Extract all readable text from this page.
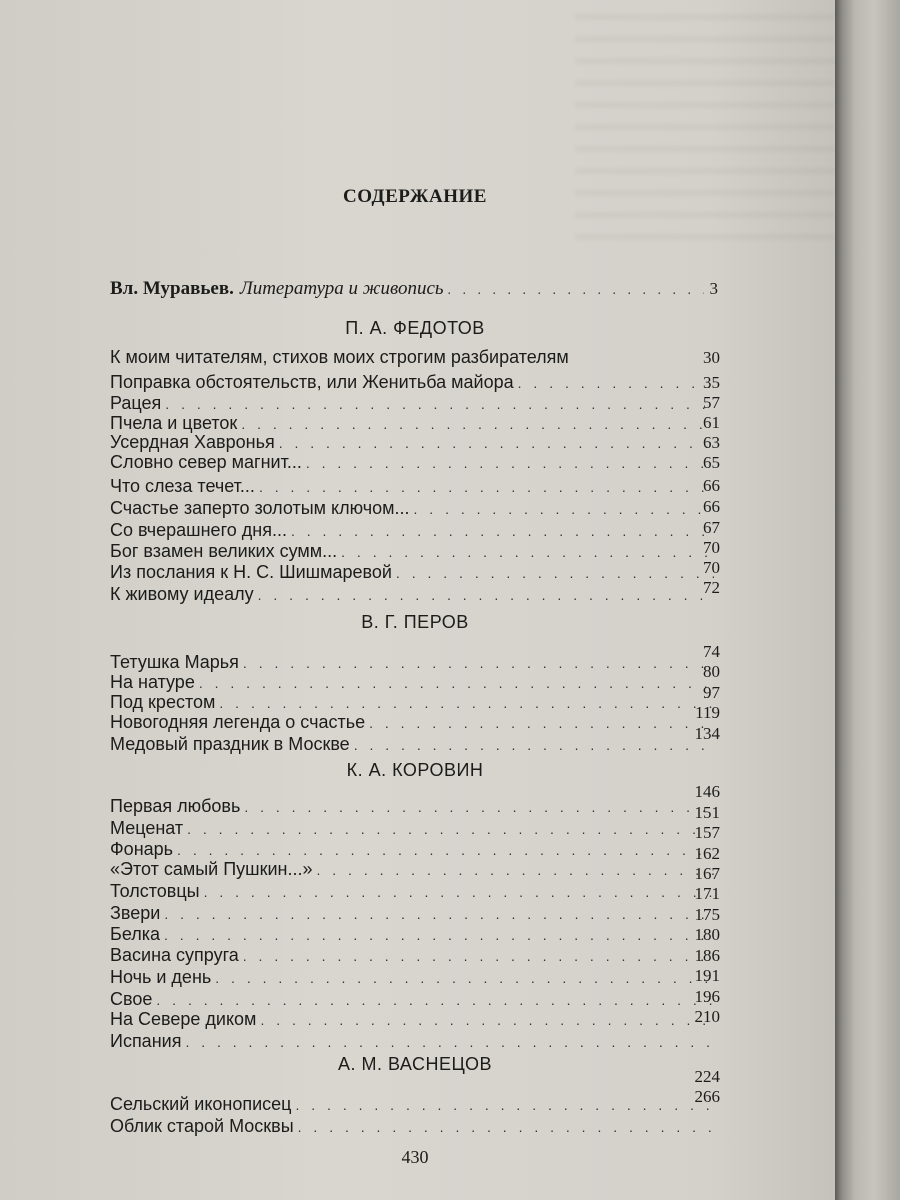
СОДЕРЖАНИЕ
Вл. Муравьев. Литература и живопись
. . .	3
П. А. ФЕДОТОВ
К моим читателям, стихов моих строгим разбирателям
Поправка обстоятельств, или Женитьба майора
. . .
Рацея
. . .
Пчела и цветок
. . .
Усердная Хавронья
. . .
Словно север магнит...
. . .
Что слеза течет...
. . .
Счастье заперто золотым ключом...
. . .
Со вчерашнего дня...
. . .
Бог взамен великих сумм...
. . .
Из послания к Н. С. Шишмаревой
. . .
К живому идеалу
. . .
В. Г. ПЕРОВ
Тетушка Марья
. . .
На натуре
. . .
Под крестом
. . .
Новогодняя легенда о счастье
. . .
Медовый праздник в Москве
. . .
К. А. КОРОВИН
Первая любовь
. . .
Меценат
. . .
Фонарь
. . .
«Этот самый Пушкин...»
. . .
Толстовцы
. . .
Звери
. . .
Белка
. . .
Васина супруга
. . .
Ночь и день
. . .
Свое
. . .
На Севере диком
. . .
Испания
. . .
А. М. ВАСНЕЦОВ
Сельский иконописец
. . .
Облик старой Москвы
. . .
30
35
57
61
63
65
66
66
67
70
70
72
74
80
97
119
134
146
151
157
162
167
171
175
180
186
191
196
210
224
266
430
